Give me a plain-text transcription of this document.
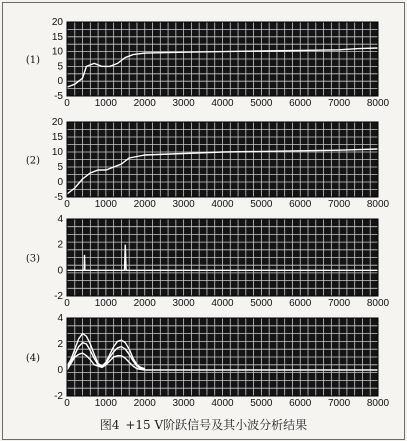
0 1000 2000 3000 4000 5000 6000 7000 8000
20
15
10
5
0
-5
(1)
0 1000 2000 3000 4000 5000 6000 7000 8000
20
15
10
5
0
-5
(2)
0 1000 2000 3000 4000 5000 6000 7000 8000
4
2
0
-2
(3)
0 1000 2000 3000 4000 5000 6000 7000 8000
4
2
0
-2
(4)
图4 +15 V阶跃信号及其小波分析结果
